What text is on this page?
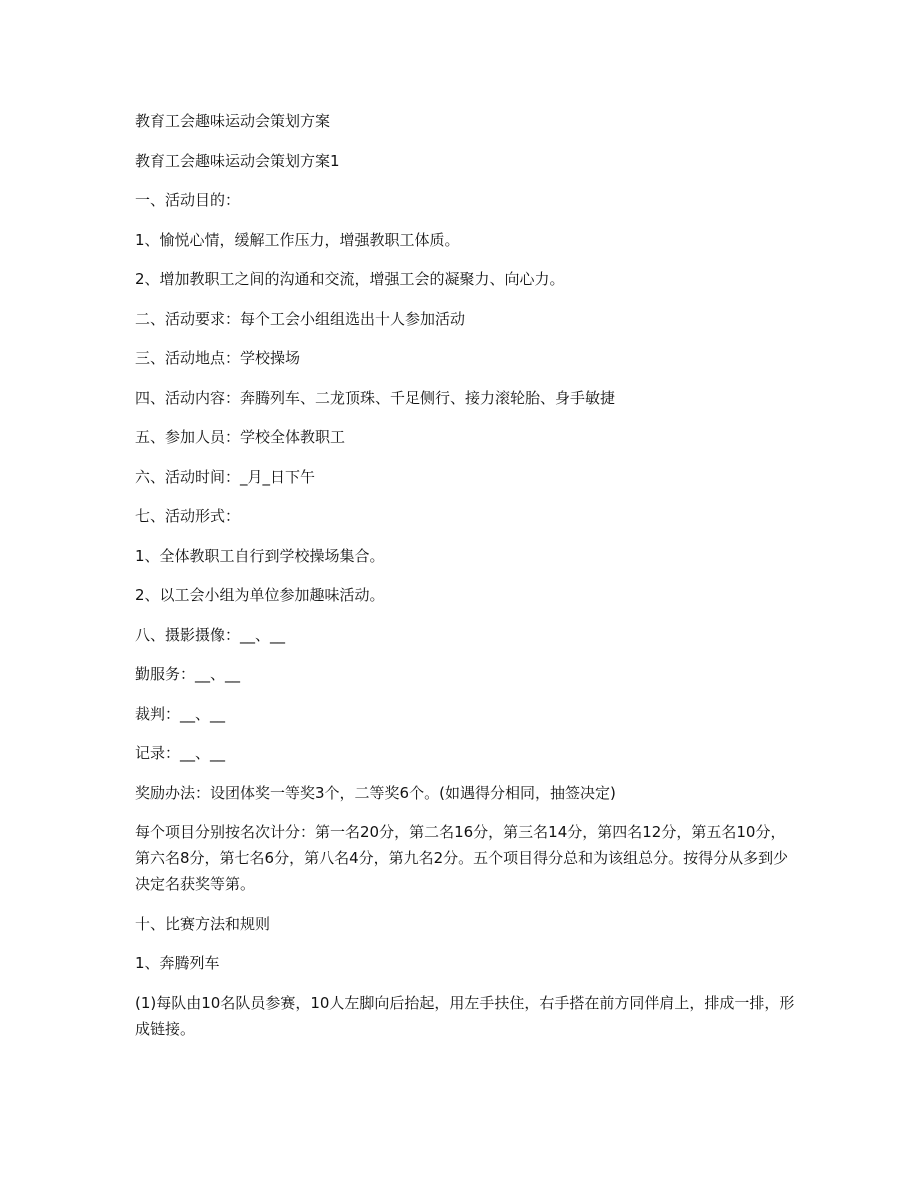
教育工会趣味运动会策划方案

教育工会趣味运动会策划方案1

一、活动目的：

1、愉悦心情，缓解工作压力，增强教职工体质。

2、增加教职工之间的沟通和交流，增强工会的凝聚力、向心力。

二、活动要求：每个工会小组组选出十人参加活动

三、活动地点：学校操场

四、活动内容：奔腾列车、二龙顶珠、千足侧行、接力滚轮胎、身手敏捷

五、参加人员：学校全体教职工

六、活动时间：_月_日下午

七、活动形式：

1、全体教职工自行到学校操场集合。

2、以工会小组为单位参加趣味活动。

八、摄影摄像：__、__

勤服务：__、__

裁判：__、__

记录：__、__

奖励办法：设团体奖一等奖3个，二等奖6个。(如遇得分相同，抽签决定)

每个项目分别按名次计分：第一名20分，第二名16分，第三名14分，第四名12分，第五名10分，第六名8分，第七名6分，第八名4分，第九名2分。五个项目得分总和为该组总分。按得分从多到少决定名获奖等第。

十、比赛方法和规则

1、奔腾列车

(1)每队由10名队员参赛，10人左脚向后抬起，用左手扶住，右手搭在前方同伴肩上，排成一排，形成链接。
